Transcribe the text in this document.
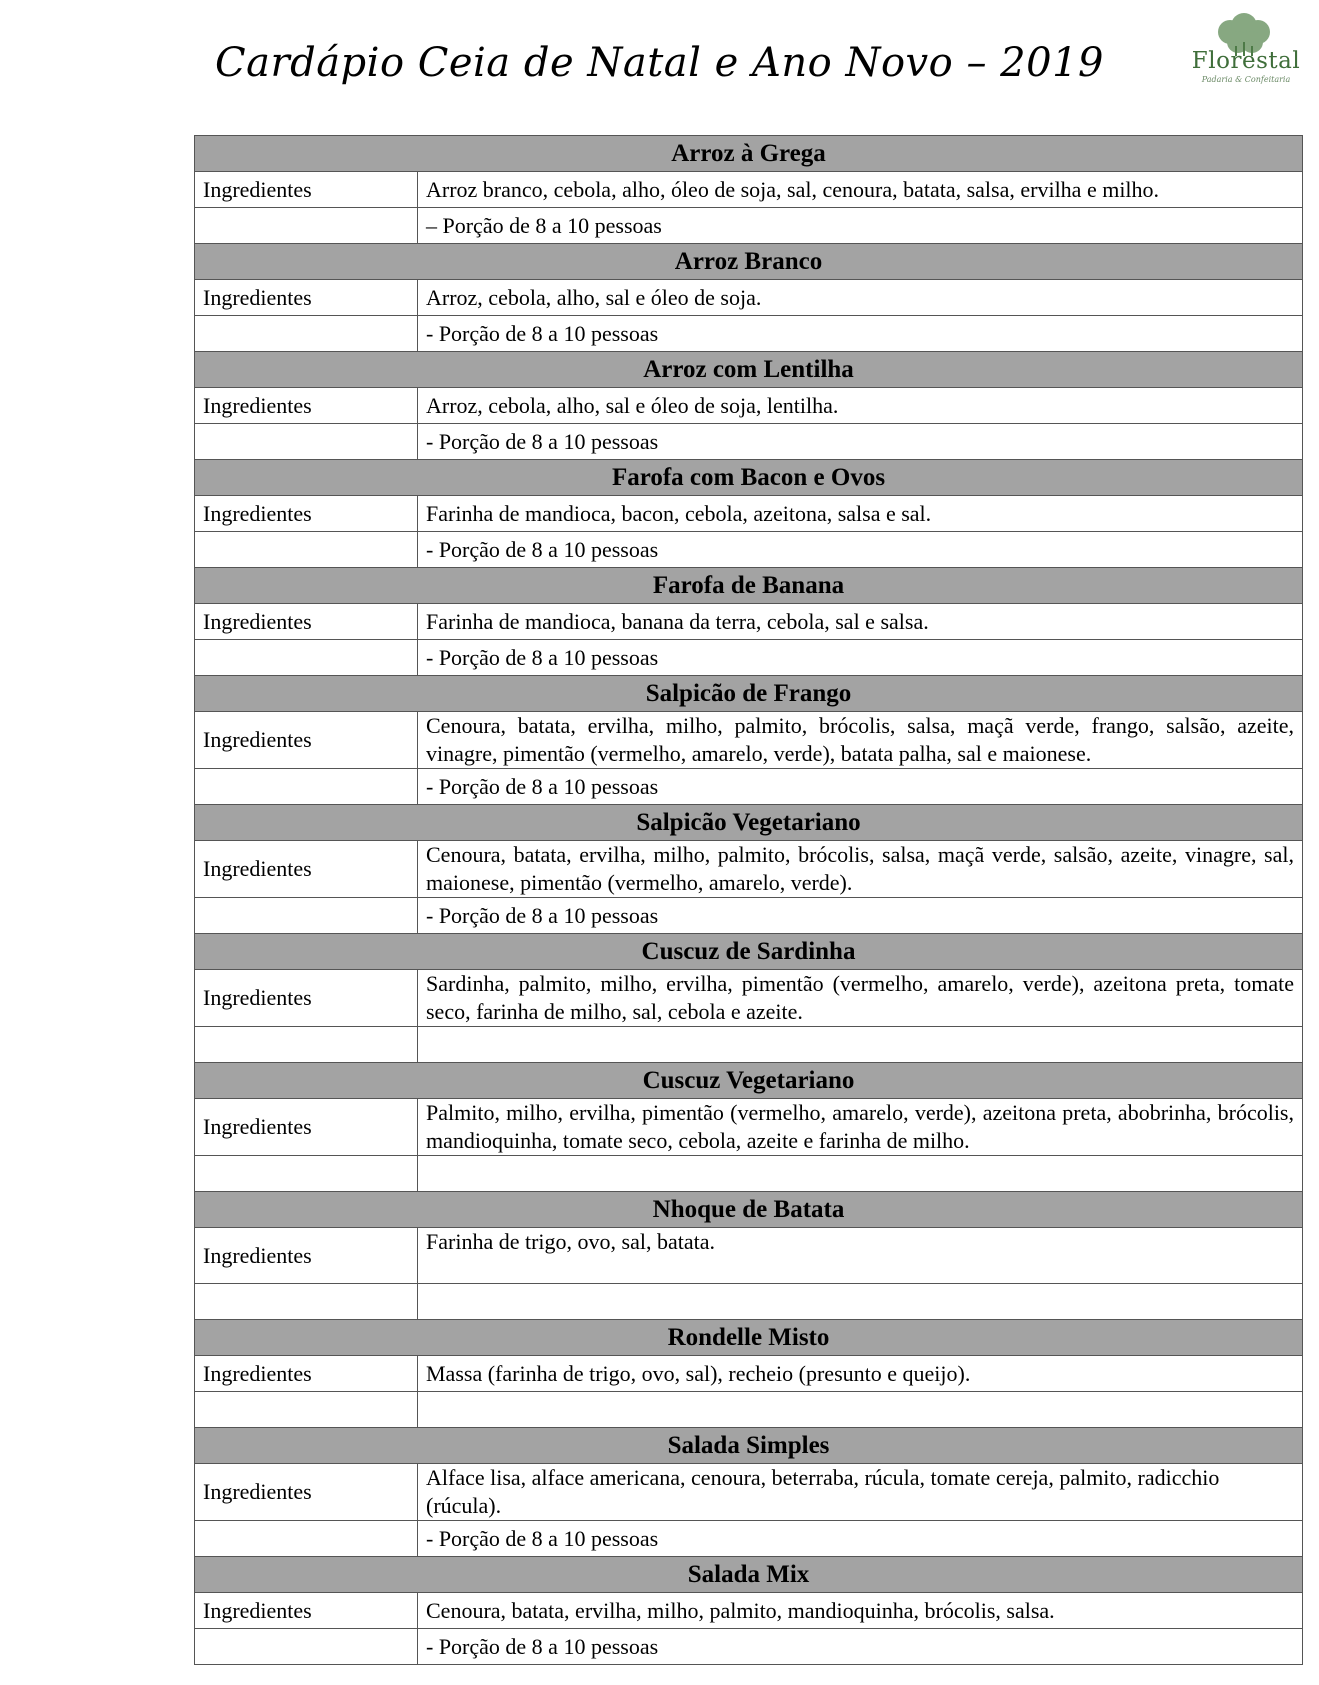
Cardápio Ceia de Natal e Ano Novo – 2019	Florestal
Padaria & Confeitaria
Arroz à Grega	
Ingredientes	Arroz branco, cebola, alho, óleo de soja, sal, cenoura, batata, salsa, ervilha e milho.
	– Porção de 8 a 10 pessoas
Arroz Branco	
Ingredientes	Arroz, cebola, alho, sal e óleo de soja.
	- Porção de 8 a 10 pessoas
Arroz com Lentilha	
Ingredientes	Arroz, cebola, alho, sal e óleo de soja, lentilha.
	- Porção de 8 a 10 pessoas
Farofa com Bacon e Ovos	
Ingredientes	Farinha de mandioca, bacon, cebola, azeitona, salsa e sal.
	- Porção de 8 a 10 pessoas
Farofa de Banana	
Ingredientes	Farinha de mandioca, banana da terra, cebola, sal e salsa.
	- Porção de 8 a 10 pessoas
Salpicão de Frango	
Ingredientes	Cenoura, batata, ervilha, milho, palmito, brócolis, salsa, maçã verde, frango, salsão, azeite, vinagre, pimentão (vermelho, amarelo, verde), batata palha, sal e maionese.
	- Porção de 8 a 10 pessoas
Salpicão Vegetariano	
Ingredientes	Cenoura, batata, ervilha, milho, palmito, brócolis, salsa, maçã verde, salsão, azeite, vinagre, sal, maionese, pimentão (vermelho, amarelo, verde).
	- Porção de 8 a 10 pessoas
Cuscuz de Sardinha	
Ingredientes	Sardinha, palmito, milho, ervilha, pimentão (vermelho, amarelo, verde), azeitona preta, tomate seco, farinha de milho, sal, cebola e azeite.

Cuscuz Vegetariano	
Ingredientes	Palmito, milho, ervilha, pimentão (vermelho, amarelo, verde), azeitona preta, abobrinha, brócolis, mandioquinha, tomate seco, cebola, azeite e farinha de milho.

Nhoque de Batata	
Ingredientes	Farinha de trigo, ovo, sal, batata.

Rondelle Misto	
Ingredientes	Massa (farinha de trigo, ovo, sal), recheio (presunto e queijo).

Salada Simples	
Ingredientes	Alface lisa, alface americana, cenoura, beterraba, rúcula, tomate cereja, palmito, radicchio (rúcula).
	- Porção de 8 a 10 pessoas
Salada Mix	
Ingredientes	Cenoura, batata, ervilha, milho, palmito, mandioquinha, brócolis, salsa.
	- Porção de 8 a 10 pessoas
